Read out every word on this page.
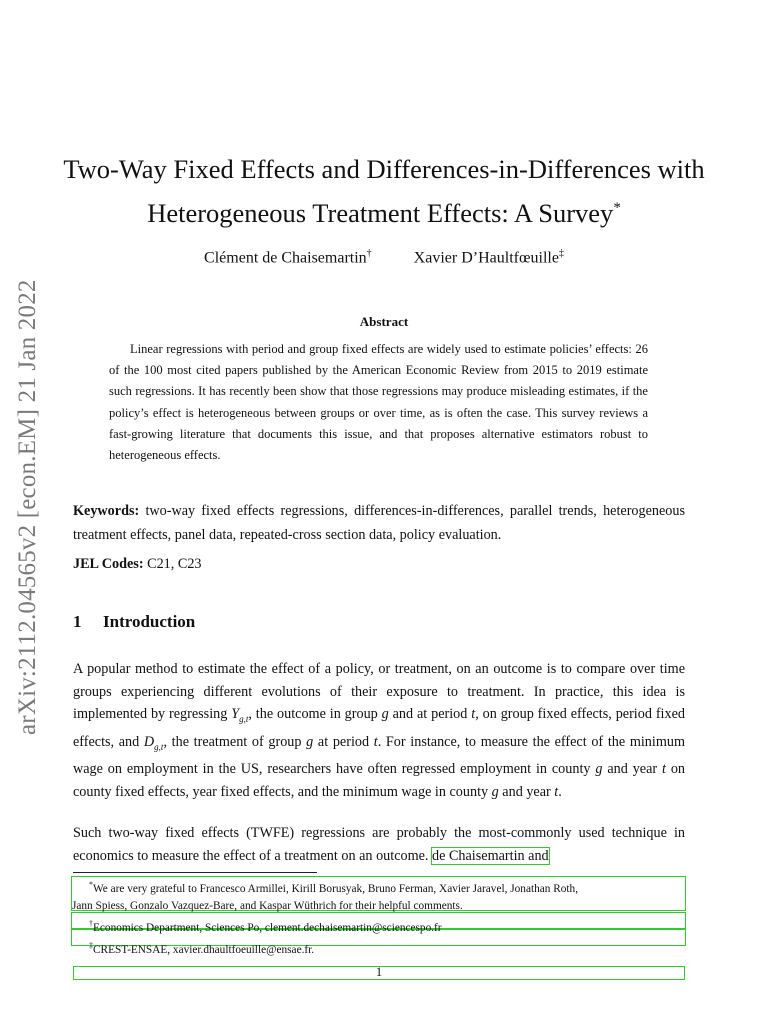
arXiv:2112.04565v2 [econ.EM] 21 Jan 2022
Two-Way Fixed Effects and Differences-in-Differences with
Heterogeneous Treatment Effects: A Survey*
Clément de Chaisemartin†	Xavier D’Haultfœuille‡
Abstract
Linear regressions with period and group fixed effects are widely used to estimate policies’ effects: 26 of the 100 most cited papers published by the American Economic Review from 2015 to 2019 estimate such regressions. It has recently been show that those regressions may produce misleading estimates, if the policy’s effect is heterogeneous between groups or over time, as is often the case. This survey reviews a fast-growing literature that documents this issue, and that proposes alternative estimators robust to heterogeneous effects.
Keywords: two-way fixed effects regressions, differences-in-differences, parallel trends, heterogeneous treatment effects, panel data, repeated-cross section data, policy evaluation.
JEL Codes: C21, C23
1 Introduction
A popular method to estimate the effect of a policy, or treatment, on an outcome is to compare over time groups experiencing different evolutions of their exposure to treatment. In practice, this idea is implemented by regressing $Y_{g,t}$, the outcome in group g and at period t, on group fixed effects, period fixed effects, and $D_{g,t}$, the treatment of group g at period t. For instance, to measure the effect of the minimum wage on employment in the US, researchers have often regressed employment in county g and year t on county fixed effects, year fixed effects, and the minimum wage in county g and year t.
Such two-way fixed effects (TWFE) regressions are probably the most-commonly used technique in economics to measure the effect of a treatment on an outcome. de Chaisemartin and
*We are very grateful to Francesco Armillei, Kirill Borusyak, Bruno Ferman, Xavier Jaravel, Jonathan Roth,
Jann Spiess, Gonzalo Vazquez-Bare, and Kaspar Wüthrich for their helpful comments.
†Economics Department, Sciences Po, clement.dechaisemartin@sciencespo.fr
‡CREST-ENSAE, xavier.dhaultfoeuille@ensae.fr.
1
